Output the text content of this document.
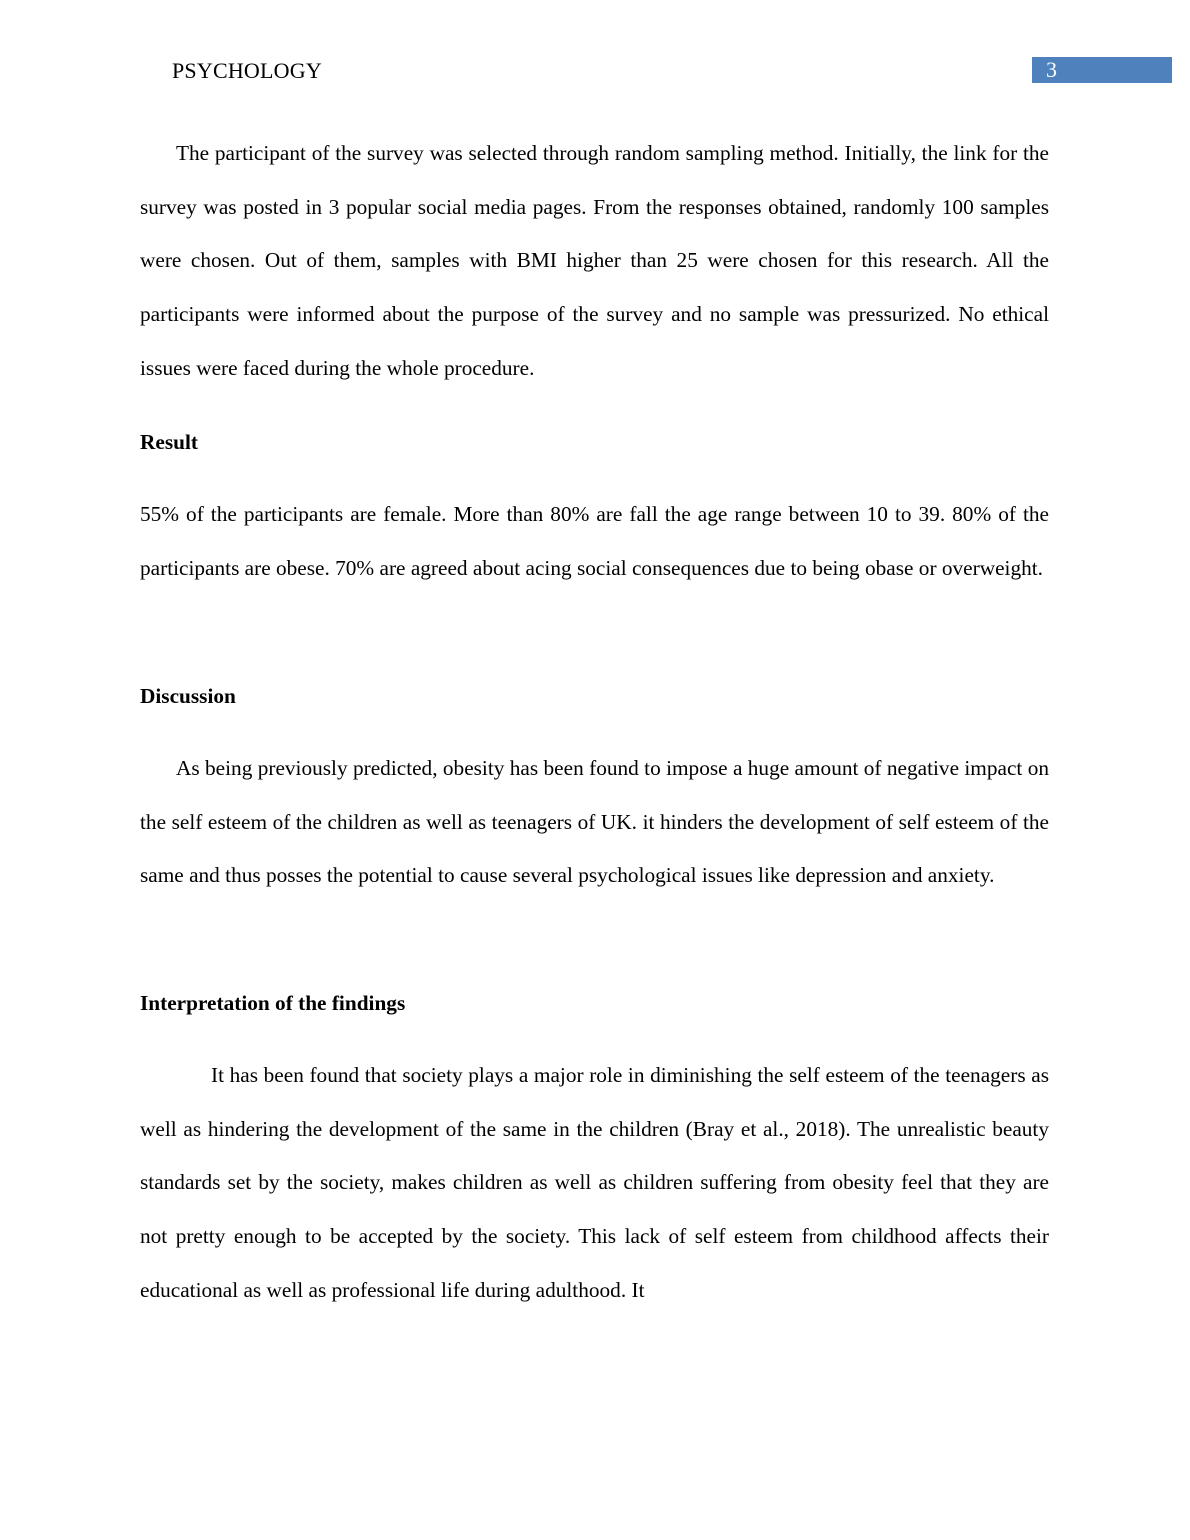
PSYCHOLOGY	3

The participant of the survey was selected through random sampling method. Initially, the link for the survey was posted in 3 popular social media pages. From the responses obtained, randomly 100 samples were chosen. Out of them, samples with BMI higher than 25 were chosen for this research. All the participants were informed about the purpose of the survey and no sample was pressurized. No ethical issues were faced during the whole procedure.

Result

55% of the participants are female. More than 80% are fall the age range between 10 to 39. 80% of the participants are obese. 70% are agreed about acing social consequences due to being obase or overweight.

Discussion

As being previously predicted, obesity has been found to impose a huge amount of negative impact on the self esteem of the children as well as teenagers of UK. it hinders the development of self esteem of the same and thus posses the potential to cause several psychological issues like depression and anxiety.

Interpretation of the findings

It has been found that society plays a major role in diminishing the self esteem of the teenagers as well as hindering the development of the same in the children (Bray et al., 2018). The unrealistic beauty standards set by the society, makes children as well as children suffering from obesity feel that they are not pretty enough to be accepted by the society. This lack of self esteem from childhood affects their educational as well as professional life during adulthood. It
